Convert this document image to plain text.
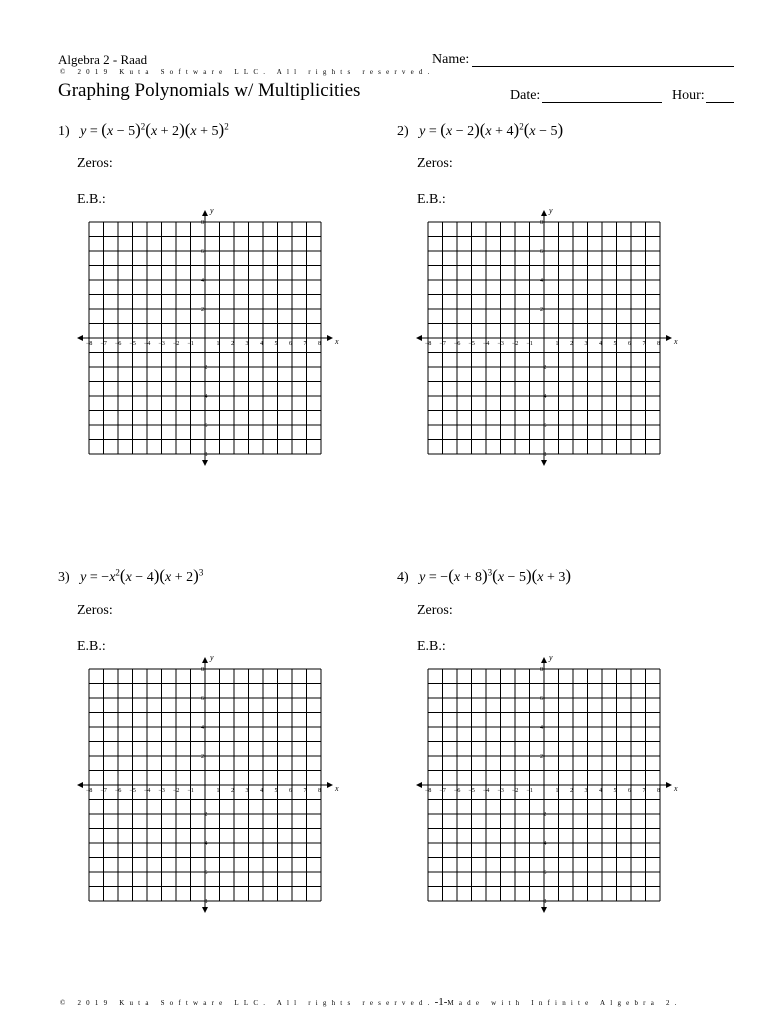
Algebra 2 - Raad
© 2019 Kuta Software LLC. All rights reserved.
Name:
Graphing Polynomials w/ Multiplicities	Date:	Hour:
1) $y = (x - 5)^2(x + 2)(x + 5)^2$
Zeros:
E.B.:
x
y
−8 −7 −6 −5 −4 −3 −2 −1	1 2 3 4 5 6 7 8
8
6
4
2
−2
−4
−6
−8
2) $y = (x - 2)(x + 4)^2(x - 5)$
Zeros:
E.B.:
x
y
−8 −7 −6 −5 −4 −3 −2 −1	1 2 3 4 5 6 7 8
8
6
4
2
−2
−4
−6
−8
3) $y = -x^2(x - 4)(x + 2)^3$
Zeros:
E.B.:
x
y
−8 −7 −6 −5 −4 −3 −2 −1	1 2 3 4 5 6 7 8
8
6
4
2
−2
−4
−6
−8
4) $y = -(x + 8)^3(x - 5)(x + 3)$
Zeros:
E.B.:
x
y
−8 −7 −6 −5 −4 −3 −2 −1	1 2 3 4 5 6 7 8
8
6
4
2
−2
−4
−6
−8
© 2019 Kuta Software LLC. All rights reserved.-1-Made with Infinite Algebra 2.
